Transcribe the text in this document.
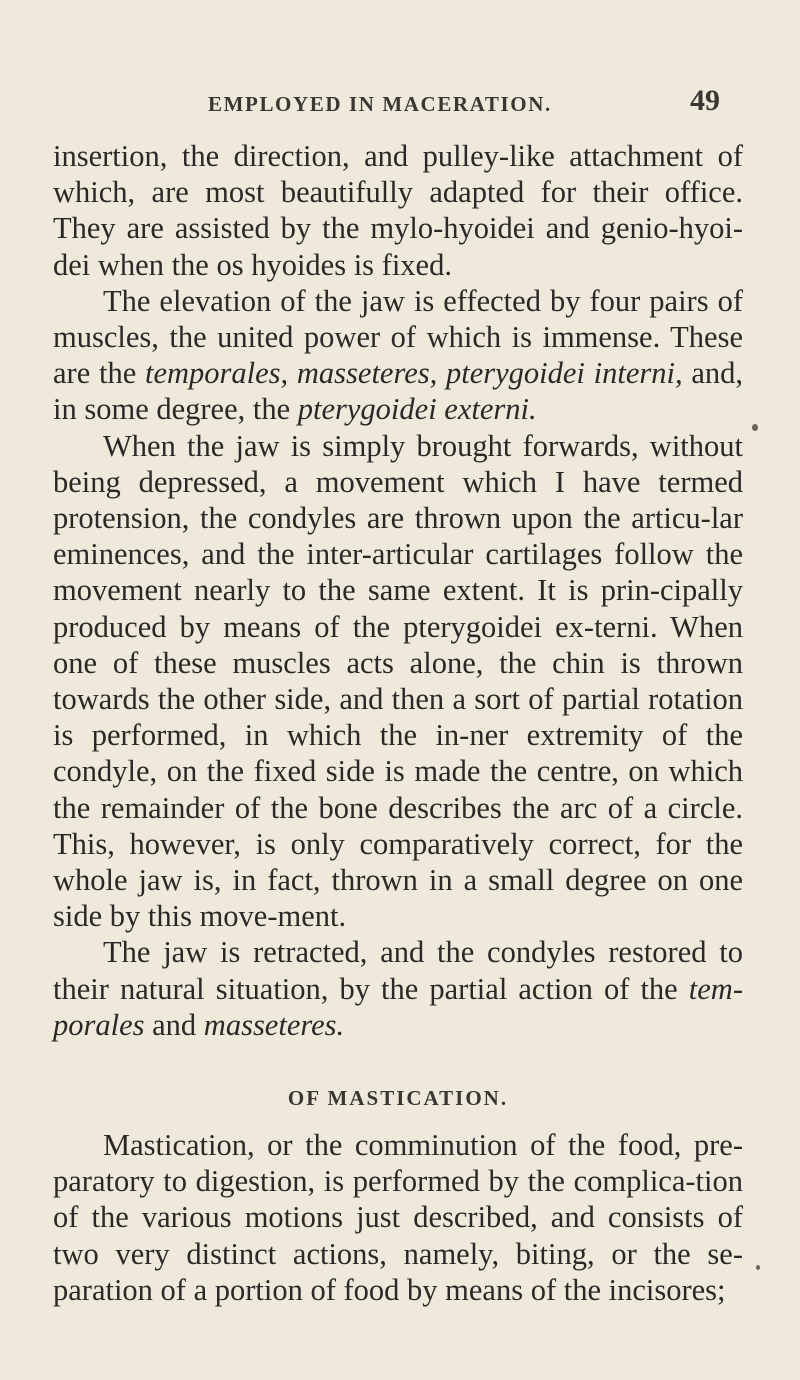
EMPLOYED IN MACERATION.	49

insertion, the direction, and pulley-like attachment of which, are most beautifully adapted for their office. They are assisted by the mylo-hyoidei and genio-hyoi-dei when the os hyoides is fixed.

The elevation of the jaw is effected by four pairs of muscles, the united power of which is immense. These are the temporales, masseteres, pterygoidei interni, and, in some degree, the pterygoidei externi.

When the jaw is simply brought forwards, without being depressed, a movement which I have termed protension, the condyles are thrown upon the articu-lar eminences, and the inter-articular cartilages follow the movement nearly to the same extent. It is prin-cipally produced by means of the pterygoidei ex-terni. When one of these muscles acts alone, the chin is thrown towards the other side, and then a sort of partial rotation is performed, in which the in-ner extremity of the condyle, on the fixed side is made the centre, on which the remainder of the bone describes the arc of a circle. This, however, is only comparatively correct, for the whole jaw is, in fact, thrown in a small degree on one side by this move-ment.

The jaw is retracted, and the condyles restored to their natural situation, by the partial action of the tem-porales and masseteres.

OF MASTICATION.

Mastication, or the comminution of the food, pre-paratory to digestion, is performed by the complica-tion of the various motions just described, and consists of two very distinct actions, namely, biting, or the se-paration of a portion of food by means of the incisores;
